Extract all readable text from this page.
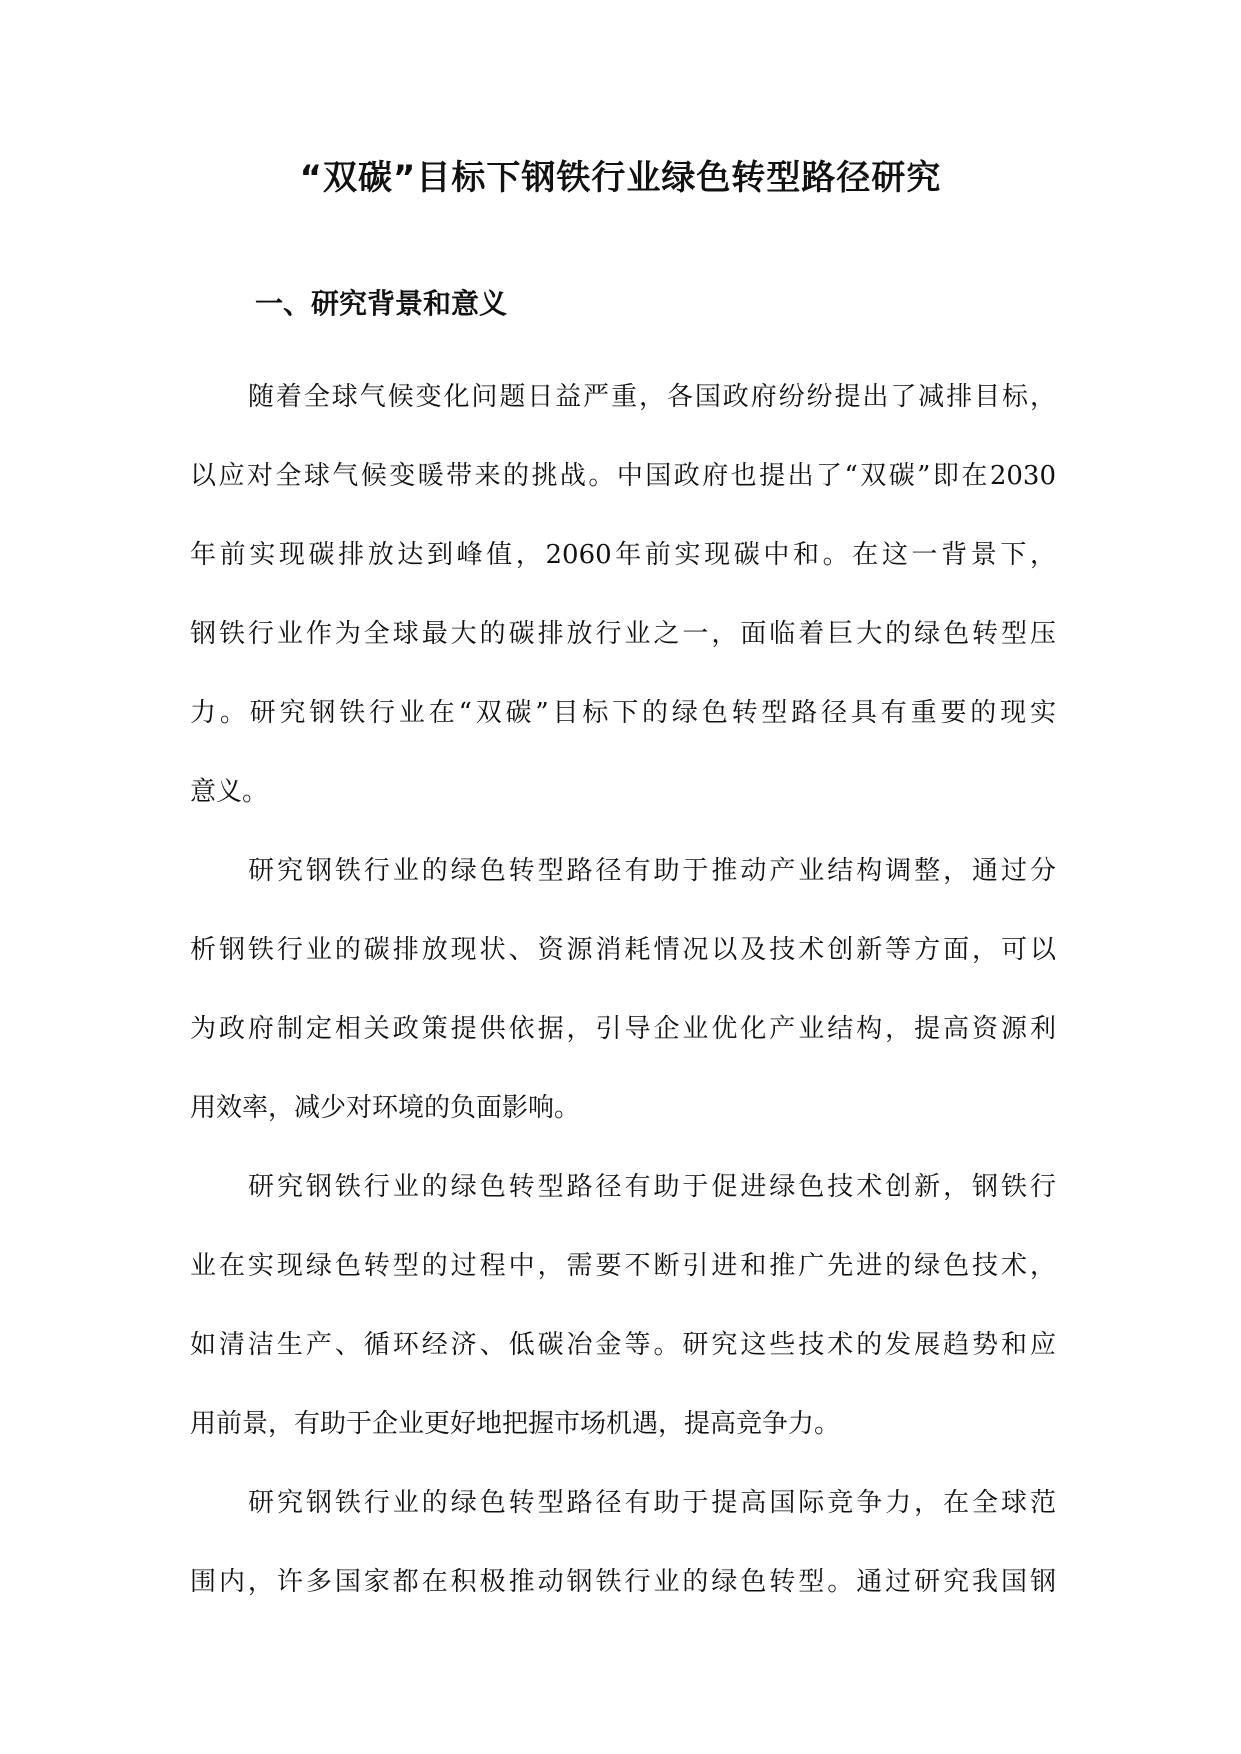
“双碳”目标下钢铁行业绿色转型路径研究
一、研究背景和意义
随着全球气候变化问题日益严重，各国政府纷纷提出了减排目标，
以应对全球气候变暖带来的挑战。中国政府也提出了“双碳”即在2030
年前实现碳排放达到峰值，2060年前实现碳中和。在这一背景下，
钢铁行业作为全球最大的碳排放行业之一，面临着巨大的绿色转型压
力。研究钢铁行业在“双碳”目标下的绿色转型路径具有重要的现实
意义。
研究钢铁行业的绿色转型路径有助于推动产业结构调整，通过分
析钢铁行业的碳排放现状、资源消耗情况以及技术创新等方面，可以
为政府制定相关政策提供依据，引导企业优化产业结构，提高资源利
用效率，减少对环境的负面影响。
研究钢铁行业的绿色转型路径有助于促进绿色技术创新，钢铁行
业在实现绿色转型的过程中，需要不断引进和推广先进的绿色技术，
如清洁生产、循环经济、低碳冶金等。研究这些技术的发展趋势和应
用前景，有助于企业更好地把握市场机遇，提高竞争力。
研究钢铁行业的绿色转型路径有助于提高国际竞争力，在全球范
围内，许多国家都在积极推动钢铁行业的绿色转型。通过研究我国钢
